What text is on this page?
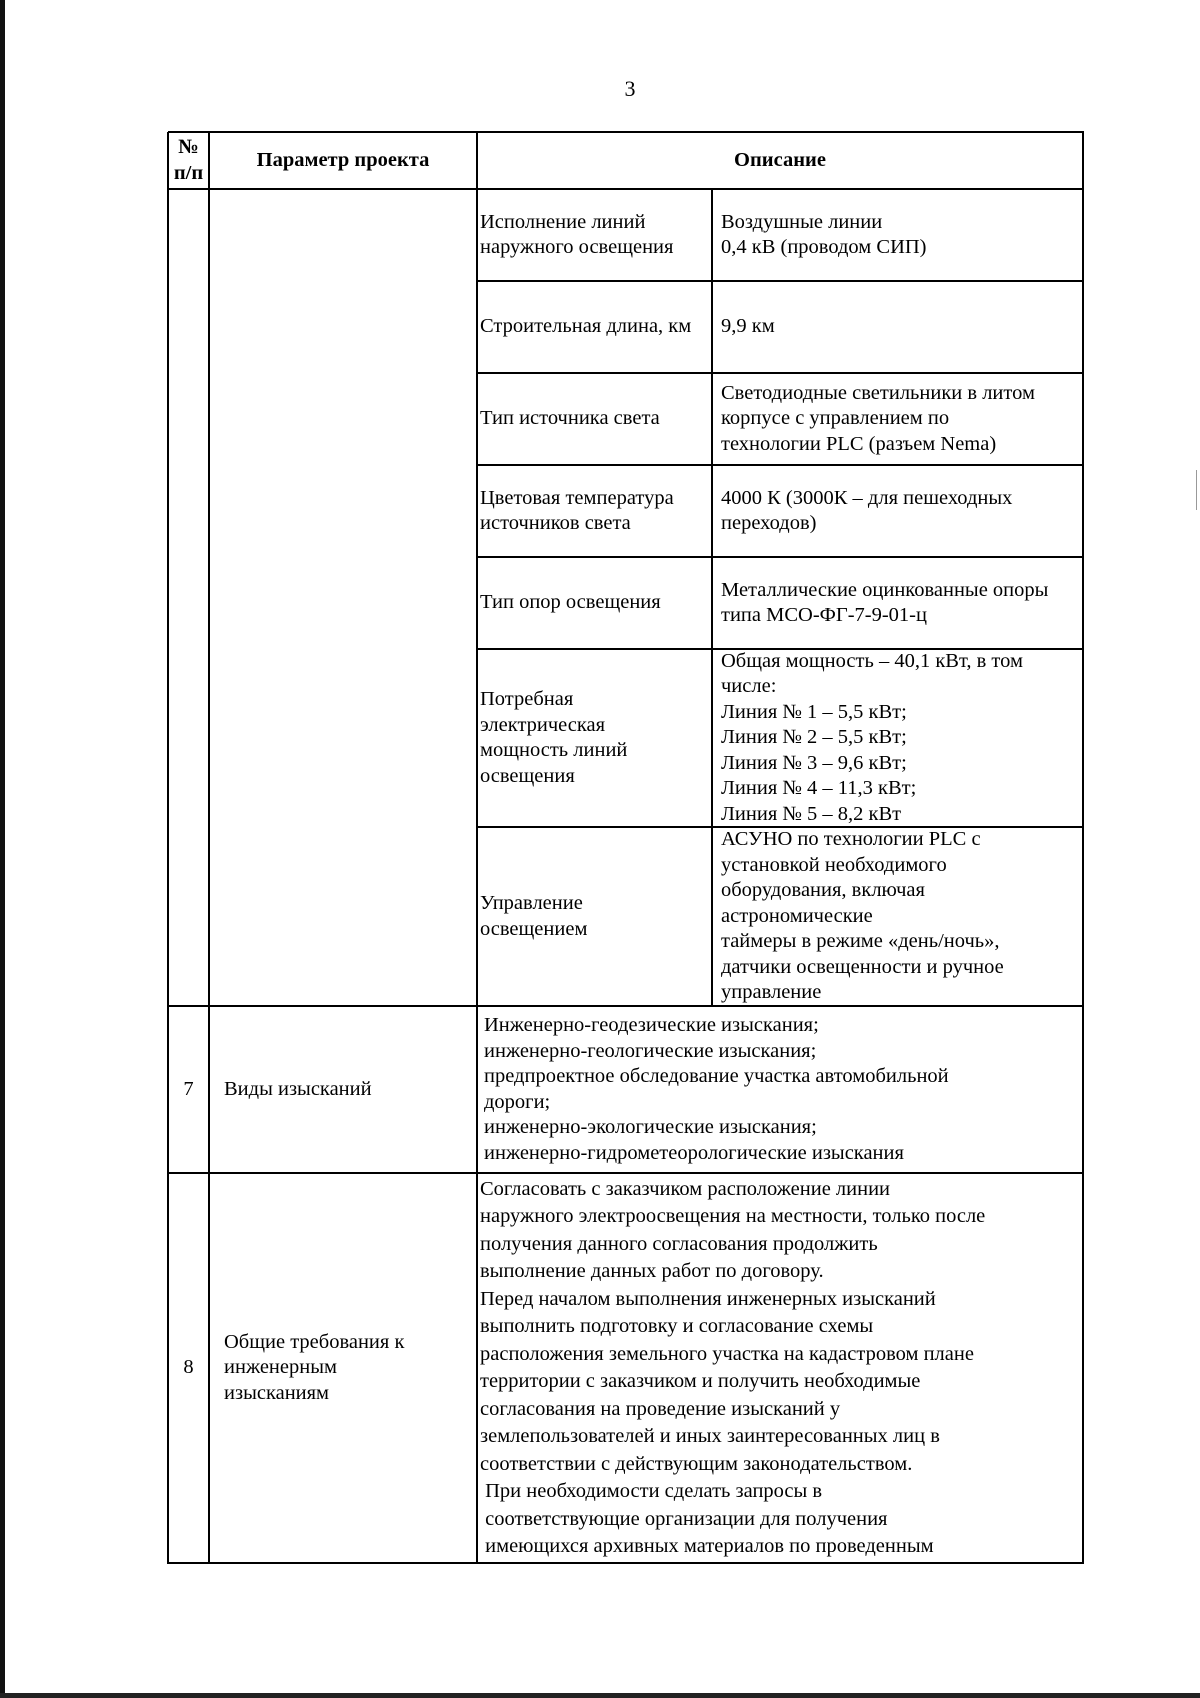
3
№
п/п
Параметр проекта	Описание
Исполнение линий
наружного освещения
Воздушные линии
0,4 кВ (проводом СИП)
Строительная длина, км	9,9 км
Тип источника света
Светодиодные светильники в литом
корпусе с управлением по
технологии PLC (разъем Nema)
Цветовая температура
источников света
4000 К (3000К – для пешеходных
переходов)
Тип опор освещения
Металлические оцинкованные опоры
типа МСО-ФГ-7-9-01-ц
Потребная
электрическая
мощность линий
освещения
Общая мощность – 40,1 кВт, в том
числе:
Линия № 1 – 5,5 кВт;
Линия № 2 – 5,5 кВт;
Линия № 3 – 9,6 кВт;
Линия № 4 – 11,3 кВт;
Линия № 5 – 8,2 кВт
Управление
освещением
АСУНО по технологии PLC с
установкой необходимого
оборудования, включая
астрономические
таймеры в режиме «день/ночь»,
датчики освещенности и ручное
управление
7 Виды изысканий
Инженерно-геодезические изыскания;
инженерно-геологические изыскания;
предпроектное обследование участка автомобильной
дороги;
инженерно-экологические изыскания;
инженерно-гидрометеорологические изыскания
8
Общие требования к
инженерным
изысканиям
Согласовать с заказчиком расположение линии
наружного электроосвещения на местности, только после
получения данного согласования продолжить
выполнение данных работ по договору.
Перед началом выполнения инженерных изысканий
выполнить подготовку и согласование схемы
расположения земельного участка на кадастровом плане
территории с заказчиком и получить необходимые
согласования на проведение изысканий у
землепользователей и иных заинтересованных лиц в
соответствии с действующим законодательством.
При необходимости сделать запросы в
соответствующие организации для получения
имеющихся архивных материалов по проведенным
